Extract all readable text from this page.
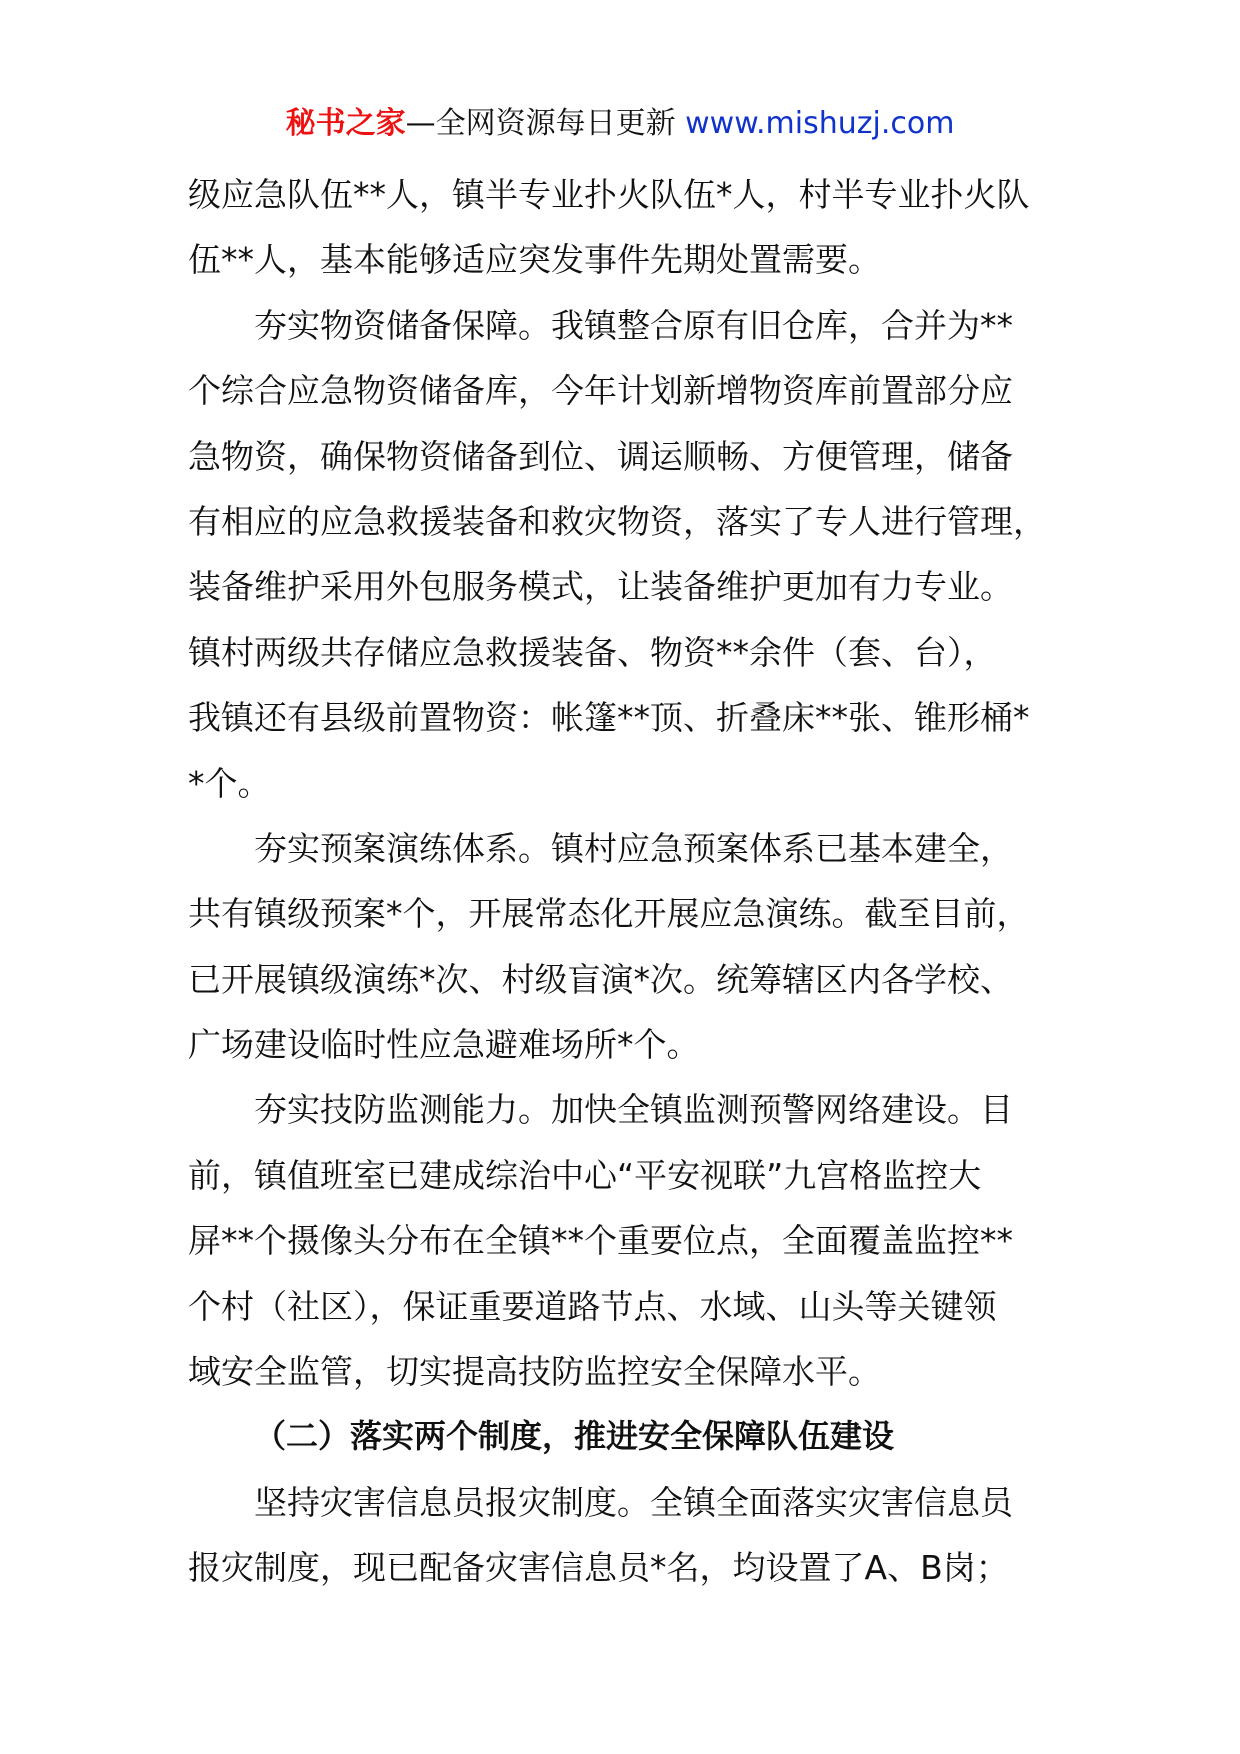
秘书之家—全网资源每日更新 www.mishuzj.com
级应急队伍**人，镇半专业扑火队伍*人，村半专业扑火队
伍**人，基本能够适应突发事件先期处置需要。
夯实物资储备保障。我镇整合原有旧仓库，合并为**
个综合应急物资储备库，今年计划新增物资库前置部分应
急物资，确保物资储备到位、调运顺畅、方便管理，储备
有相应的应急救援装备和救灾物资，落实了专人进行管理，
装备维护采用外包服务模式，让装备维护更加有力专业。
镇村两级共存储应急救援装备、物资**余件（套、台），
我镇还有县级前置物资：帐篷**顶、折叠床**张、锥形桶*
*个。
夯实预案演练体系。镇村应急预案体系已基本建全，
共有镇级预案*个，开展常态化开展应急演练。截至目前，
已开展镇级演练*次、村级盲演*次。统筹辖区内各学校、
广场建设临时性应急避难场所*个。
夯实技防监测能力。加快全镇监测预警网络建设。目
前，镇值班室已建成综治中心“平安视联”九宫格监控大
屏**个摄像头分布在全镇**个重要位点，全面覆盖监控**
个村（社区），保证重要道路节点、水域、山头等关键领
域安全监管，切实提高技防监控安全保障水平。
（二）落实两个制度，推进安全保障队伍建设
坚持灾害信息员报灾制度。全镇全面落实灾害信息员
报灾制度，现已配备灾害信息员*名，均设置了A、B岗；
